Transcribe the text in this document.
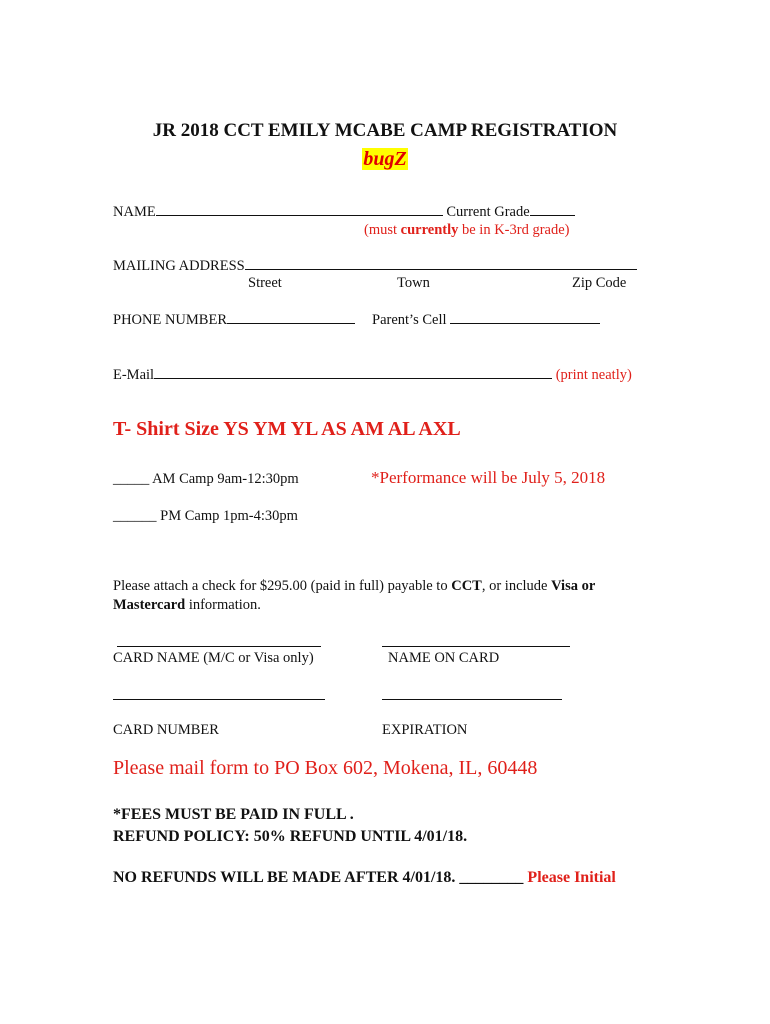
JR 2018 CCT EMILY MCABE CAMP REGISTRATION
bugZ
NAME	Current Grade
(must currently be in K-3rd grade)
MAILING ADDRESS
Street	Town	Zip Code
PHONE NUMBER	Parent’s Cell
E-Mail	(print neatly)
T- Shirt Size YS YM YL AS AM AL AXL
_____ AM Camp 9am-12:30pm	*Performance will be July 5, 2018
______ PM Camp 1pm-4:30pm
Please attach a check for $295.00 (paid in full) payable to CCT, or include Visa or
Mastercard information.
CARD NAME (M/C or Visa only)	NAME ON CARD
CARD NUMBER	EXPIRATION
Please mail form to PO Box 602, Mokena, IL, 60448
*FEES MUST BE PAID IN FULL .
REFUND POLICY: 50% REFUND UNTIL 4/01/18.
NO REFUNDS WILL BE MADE AFTER 4/01/18. ________ Please Initial
